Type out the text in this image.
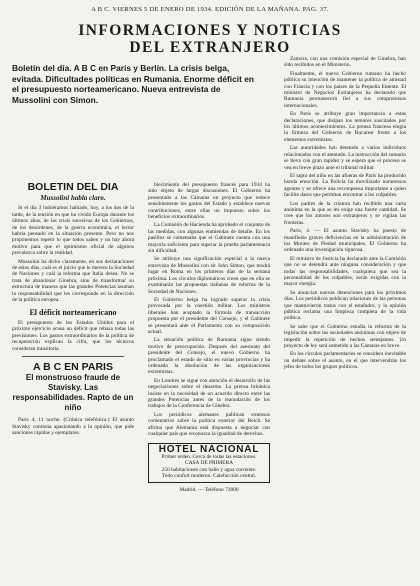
A B C. VIERNES 5 DE ENERO DE 1934. EDICIÓN DE LA MAÑANA. PAG. 37.
INFORMACIONES Y NOTICIAS
DEL EXTRANJERO
Boletín del día. A B C en París y Berlín. La crisis belga, evitada. Dificultades políticas en Rumania. Enorme déficit en el presupuesto norteamericano. Nueva entrevista de Mussolini con Simon.
BOLETIN DEL DIA
Mussolini habla claro.

Si el día 3 hubiéramos hablado, hoy, a los dos de la tarde, de la tensión en que ha vivido Europa durante los últimos años, de las crisis sucesivas de los Gobiernos, de los desórdenes, de la guerra económica, el lector habría pensado en la situación presente. Pero no nos proponemos repetir lo que todos saben y no hay ahora motivo para que el optimismo oficial de algunos prevalezca sobre la realidad.

Mussolini ha dicho claramente, en sus declaraciones de estos días, cuál es el juicio que le merece la Sociedad de Naciones y cuál la reforma que Italia desea. No se trata de abandonar Ginebra, sino de transformar su estructura de manera que las grandes Potencias asuman la responsabilidad que les corresponde en la dirección de la política europea.

El déficit norteamericano

El presupuesto de los Estados Unidos para el próximo ejercicio acusa un déficit que rebasa todas las previsiones. Los gastos extraordinarios de la política de recuperación explican la cifra, que los técnicos consideran transitoria.

A B C EN PARIS
El monstruoso fraude de Stavisky. Las responsabilidades. Rapto de un niño

París 4, 11 noche. (Crónica telefónica.) El asunto Stavisky continúa apasionando a la opinión, que pide sanciones rápidas y ejemplares.

blecimiento del presupuesto francés para 1934 ha sido objeto de largas discusiones. El Gobierno ha presentado a las Cámaras un proyecto que reduce sensiblemente los gastos del Estado y establece nuevas contribuciones, entre ellas un impuesto sobre los beneficios extraordinarios.

La Comisión de Hacienda ha aprobado el conjunto de las medidas, con algunas enmiendas de detalle. En los pasillos se comentaba que el Gabinete cuenta con una mayoría suficiente para superar la prueba parlamentaria sin dificultad.

Se atribuye una significación especial a la nueva entrevista de Mussolini con sir John Simon, que tendrá lugar en Roma en los primeros días de la semana próxima. Los círculos diplomáticos creen que en ella se examinarán las propuestas italianas de reforma de la Sociedad de Naciones.

El Gobierno belga ha logrado superar la crisis provocada por la cuestión militar. Los ministros liberales han aceptado la fórmula de transacción propuesta por el presidente del Consejo, y el Gabinete se presentará ante el Parlamento con su composición actual.

La situación política de Rumania sigue siendo motivo de preocupación. Después del asesinato del presidente del Consejo, el nuevo Gobierno ha proclamado el estado de sitio en varias provincias y ha ordenado la disolución de las organizaciones extremistas.

En Londres se sigue con atención el desarrollo de las negociaciones sobre el desarme. La prensa británica insiste en la necesidad de un acuerdo directo entre las grandes Potencias antes de la reanudación de los trabajos de la Conferencia de Ginebra.

Los periódicos alemanes publican extensos comentarios sobre la política exterior del Reich. Se afirma que Alemania está dispuesta a negociar con cualquier país que reconozca la igualdad de derechos.

HOTEL NACIONAL
Primer orden. Cerca de todas las estaciones.
CASA DE PRIMERA
250 habitaciones con baño y agua corriente.
Todo confort moderno. Calefacción central.
Madrid. — Teléfono 73000

Zamora, con una comisión especial de Ginebra, han sido recibidos en el Ministerio.

Finalmente, el nuevo Gobierno rumano ha hecho pública su intención de mantener la política de amistad con Francia y con los países de la Pequeña Entente. El ministro de Negocios Extranjeros ha declarado que Rumania permanecerá fiel a sus compromisos internacionales.

En París se atribuye gran importancia a estas declaraciones, que disipan los temores suscitados por los últimos acontecimientos. La prensa francesa elogia la firmeza del Gobierno de Bucarest frente a los elementos extremistas.

Las autoridades han detenido a varios individuos relacionados con el atentado. La instrucción del sumario se lleva con gran rapidez y se espera que el proceso se vea en breve plazo ante el tribunal militar.

El rapto del niño en las afueras de París ha producido honda emoción. La Policía ha movilizado numerosos agentes y se ofrece una recompensa importante a quien facilite datos que permitan encontrar a los culpables.

Los padres de la criatura han recibido una carta anónima en la que se les exige una fuerte cantidad. Se cree que los autores son extranjeros y se vigilan las fronteras.

París, 4. — El asunto Stavisky ha puesto de manifiesto graves deficiencias en la administración de los Montes de Piedad municipales. El Gobierno ha ordenado una investigación rigurosa.

El ministro de Justicia ha declarado ante la Comisión que no se detendrá ante ninguna consideración y que todas las responsabilidades, cualquiera que sea la personalidad de los culpables, serán exigidas con la mayor energía.

Se anuncian nuevas detenciones para los próximos días. Los periódicos publican relaciones de las personas que mantuvieron tratos con el estafador, y la opinión pública reclama una limpieza completa de la vida política.

Se sabe que el Gobierno estudia la reforma de la legislación sobre las sociedades anónimas con objeto de impedir la repetición de hechos semejantes. Un proyecto de ley será sometido a las Cámaras en breve.

En los círculos parlamentarios se considera inevitable un debate sobre el asunto, en el que intervendrán los jefes de todos los grupos políticos.
